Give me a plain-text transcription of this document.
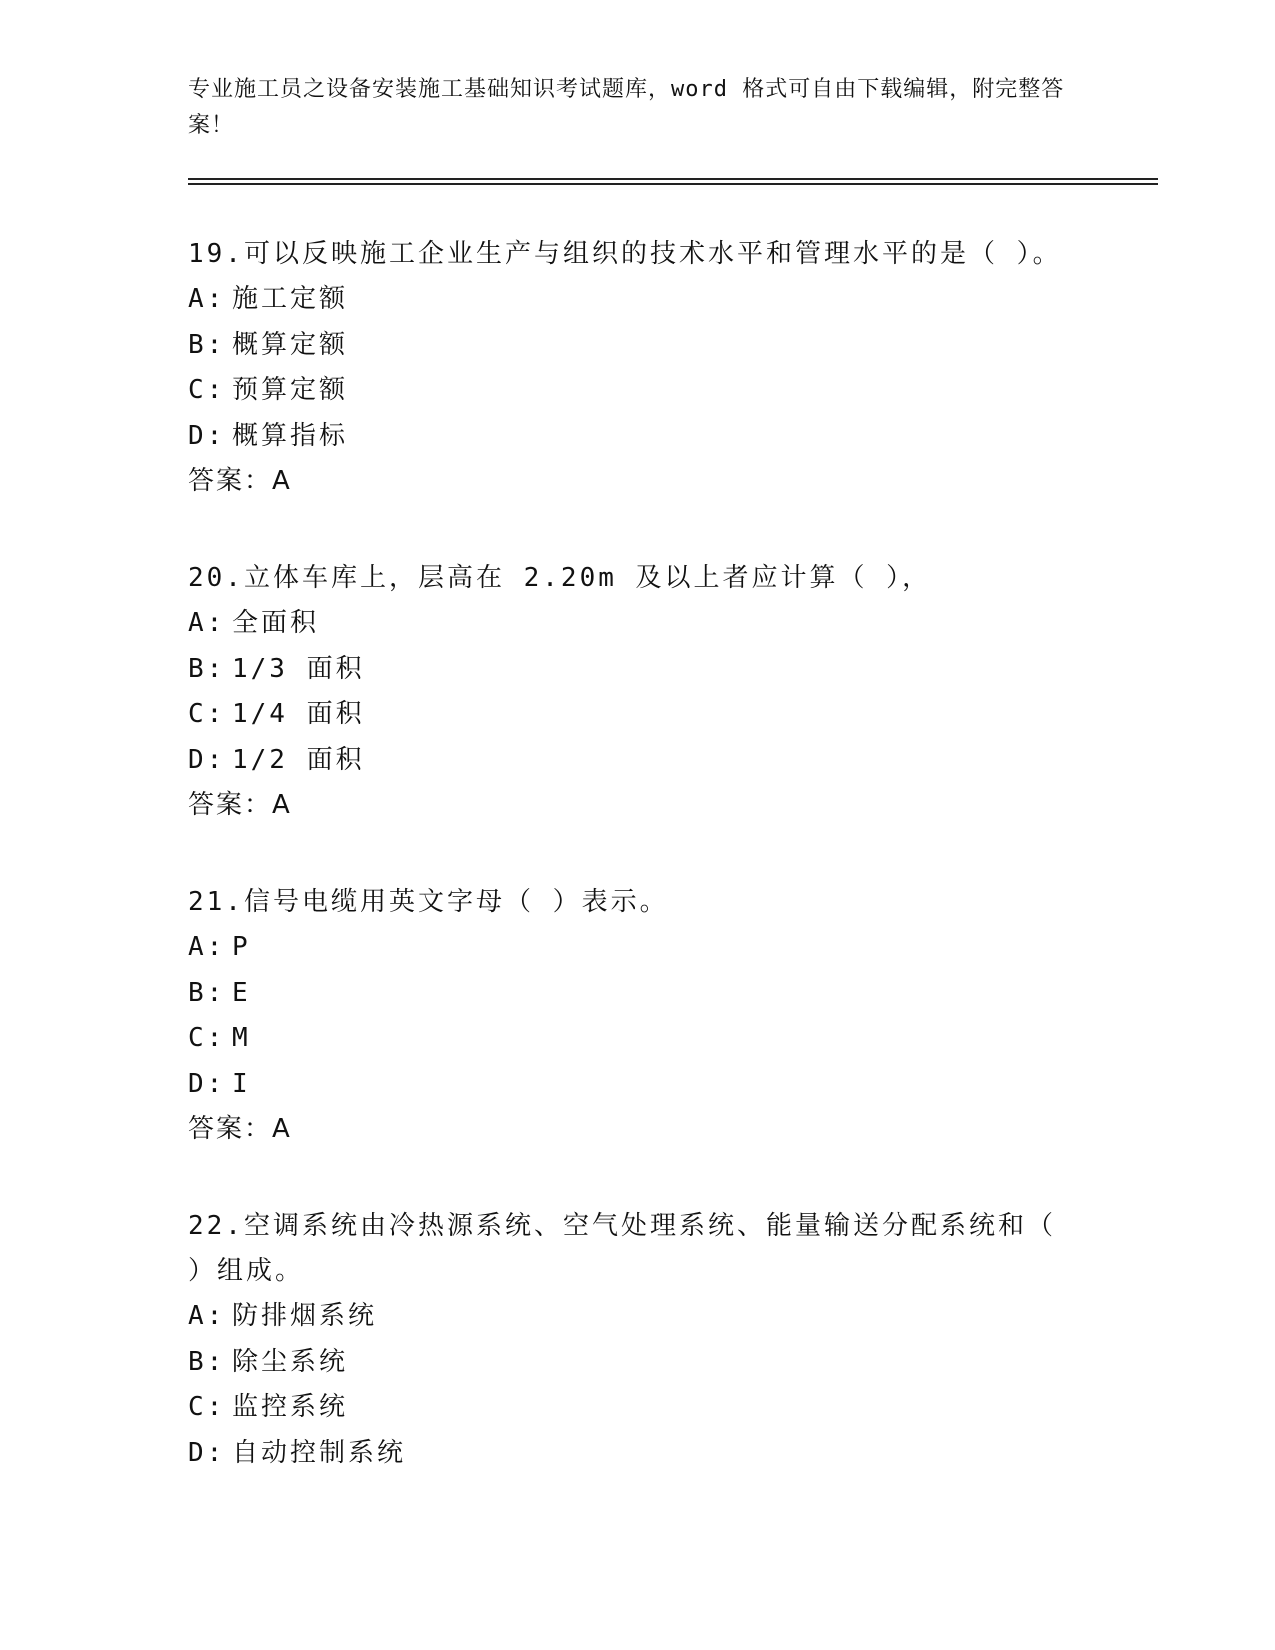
专业施工员之设备安装施工基础知识考试题库，word 格式可自由下载编辑，附完整答案！

19.可以反映施工企业生产与组织的技术水平和管理水平的是（ ）。

A: 施工定额

B: 概算定额

C: 预算定额

D: 概算指标

答案：A

20.立体车库上，层高在 2.20m 及以上者应计算（ ），

A: 全面积

B: 1/3 面积

C: 1/4 面积

D: 1/2 面积

答案：A

21.信号电缆用英文字母（ ）表示。

A: P

B: E

C: M

D: I

答案：A

22.空调系统由冷热源系统、空气处理系统、能量输送分配系统和（ ）组成。

A: 防排烟系统

B: 除尘系统

C: 监控系统

D: 自动控制系统
